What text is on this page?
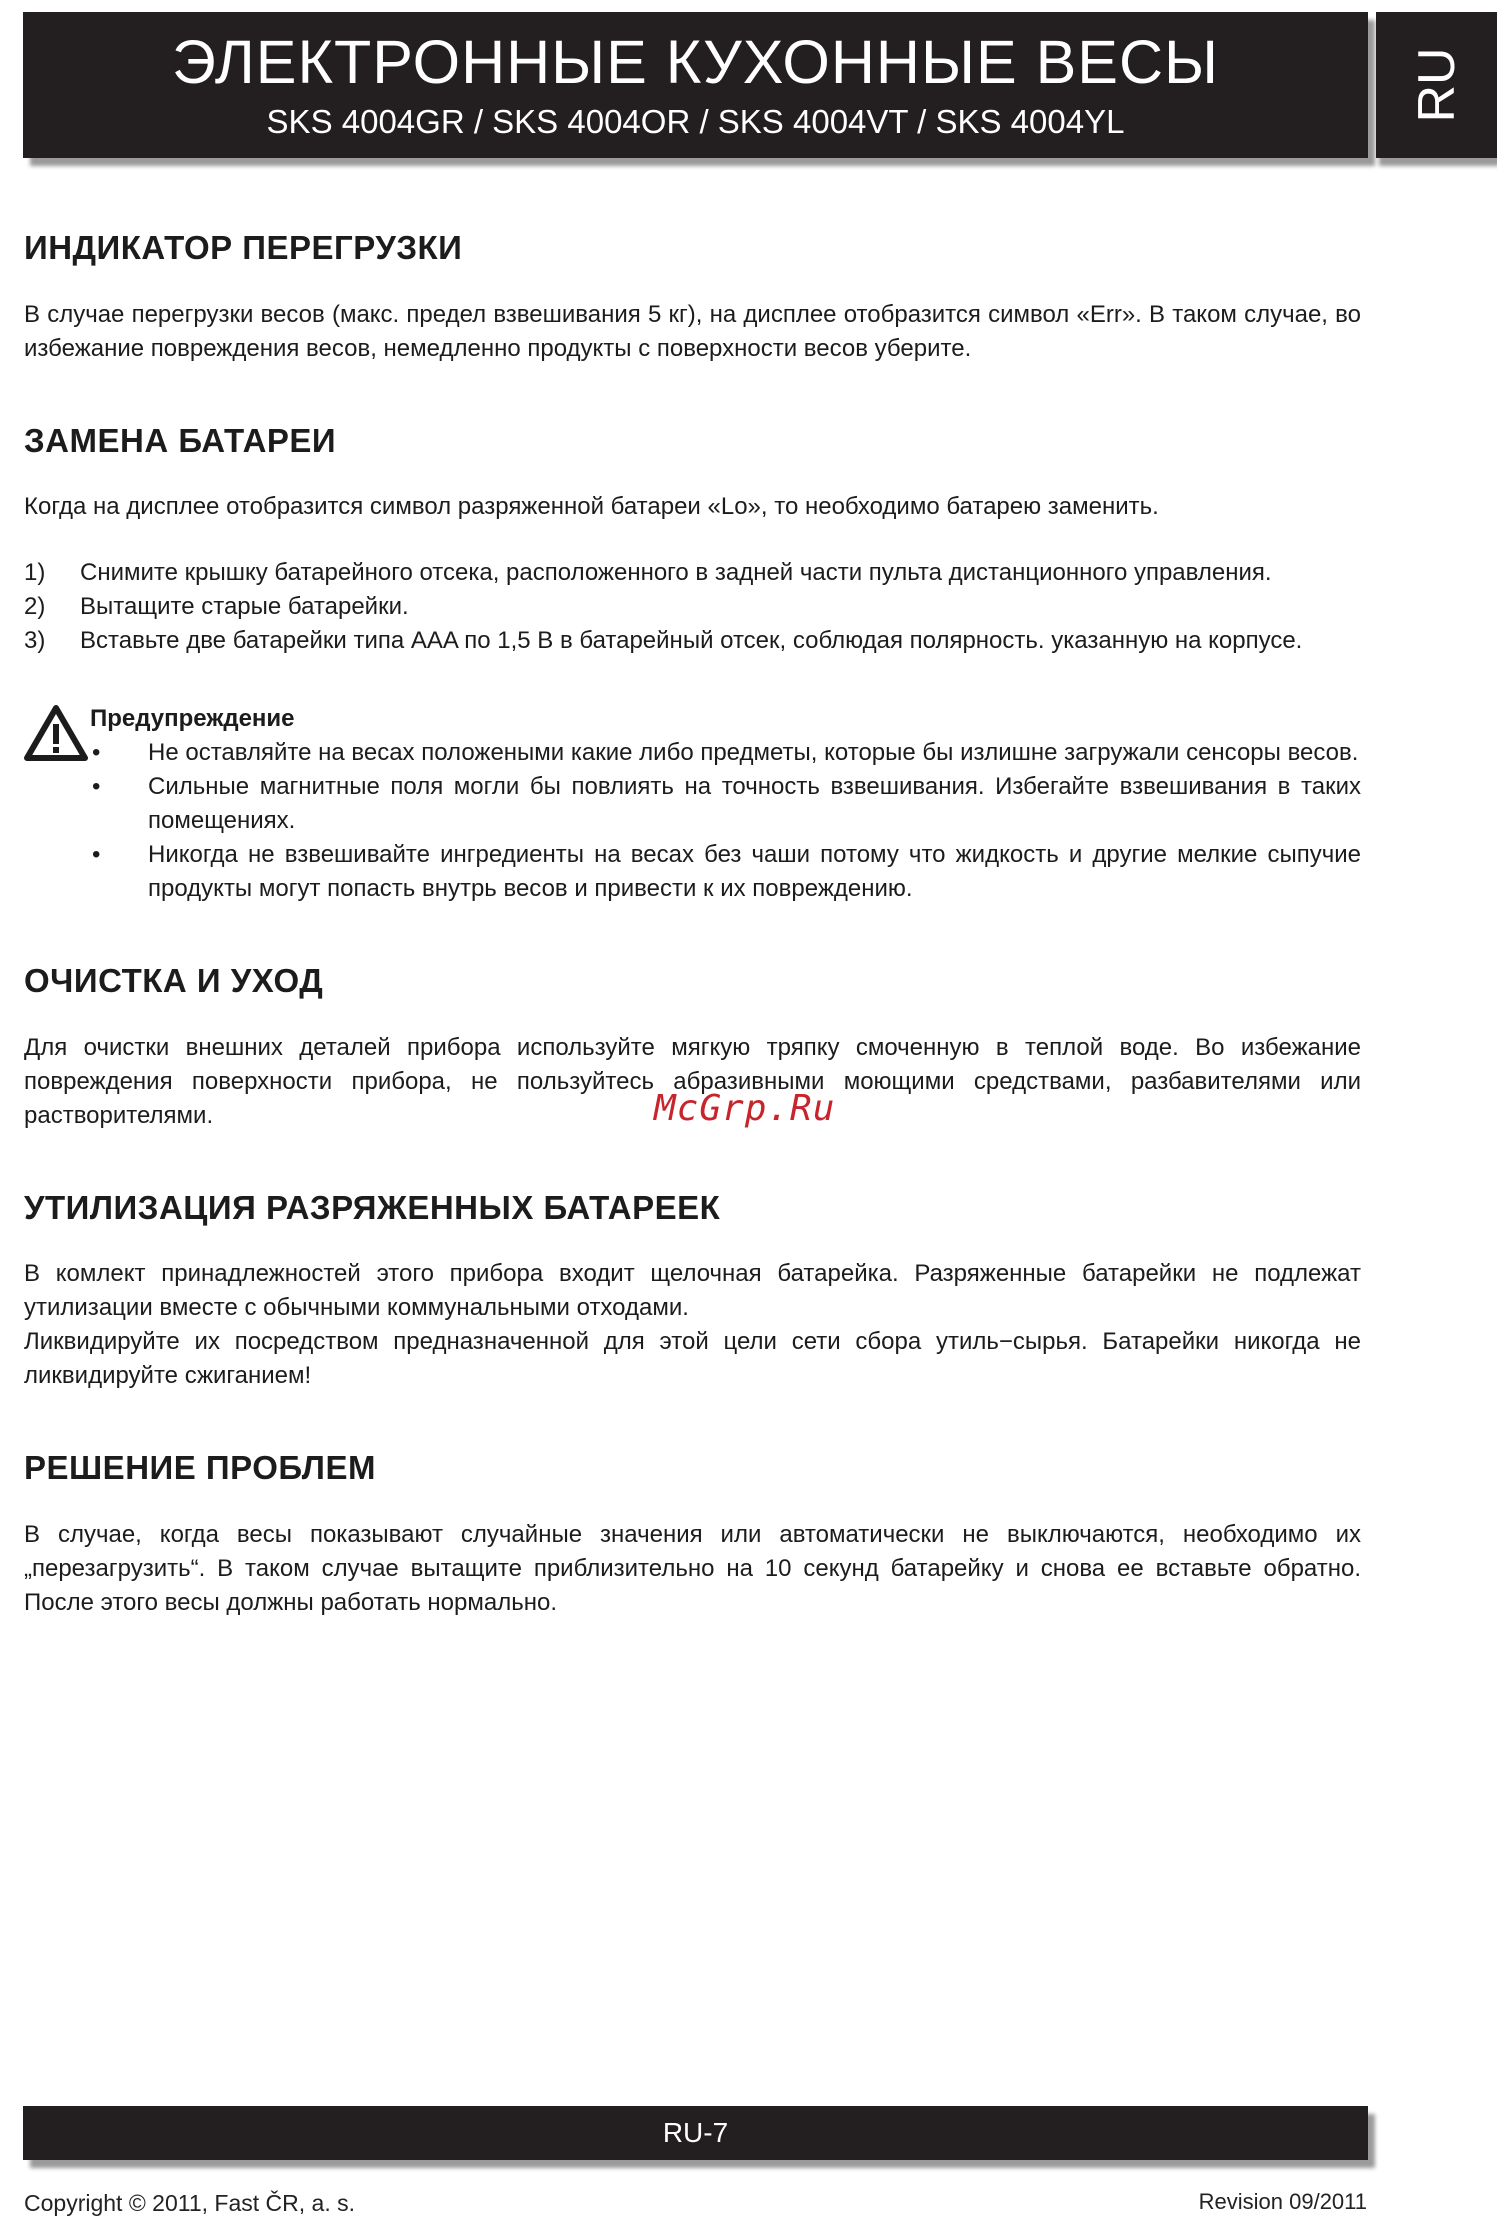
ЭЛЕКТРОННЫЕ КУХОННЫЕ ВЕСЫ
SKS 4004GR / SKS 4004OR / SKS 4004VT / SKS 4004YL	RU
ИНДИКАТОР ПЕРЕГРУЗКИ

В случае перегрузки весов (макс. предел взвешивания 5 кг), на дисплее отобразится символ «Err». В таком случае, во избежание повреждения весов, немедленно продукты с поверхности весов уберите.

ЗАМЕНА БАТАРЕИ

Когда на дисплее отобразится символ разряженной батареи «Lo», то необходимо батарею заменить.

1)	Снимите крышку батарейного отсека, расположенного в задней части пульта дистанционного управления.
2)	Вытащите старые батарейки.
3)	Вставьте две батарейки типа AAA по 1,5 В в батарейный отсек, соблюдая полярность. указанную на корпусе.
Предупреждение
•	Не оставляйте на весах положеными какие либо предметы, которые бы излишне загружали сенсоры весов.
•	Сильные магнитные поля могли бы повлиять на точность взвешивания. Избегайте взвешивания в таких помещениях.
•	Никогда не взвешивайте ингредиенты на весах без чаши потому что жидкость и другие мелкие сыпучие продукты могут попасть внутрь весов и привести к их повреждению.
ОЧИСТКА И УХОД

Для очистки внешних деталей прибора используйте мягкую тряпку смоченную в теплой воде. Во избежание повреждения поверхности прибора, не пользуйтесь абразивными моющими средствами, разбавителями или растворителями.

УТИЛИЗАЦИЯ РАЗРЯЖЕННЫХ БАТАРЕЕК

В комлект принадлежностей этого прибора входит щелочная батарейка. Разряженные батарейки не подлежат утилизации вместе с обычными коммунальными отходами.

Ликвидируйте их посредством предназначенной для этой цели сети сбора утиль−сырья. Батарейки никогда не ликвидируйте сжиганием!

РЕШЕНИЕ ПРОБЛЕМ

В случае, когда весы показывают случайные значения или автоматически не выключаются, необходимо их „перезагрузить“. В таком случае вытащите приблизительно на 10 секунд батарейку и снова ее вставьте обратно. После этого весы должны работать нормально.

McGrp.Ru
RU-7
Copyright © 2011, Fast ČR, a. s.	Revision 09/2011
